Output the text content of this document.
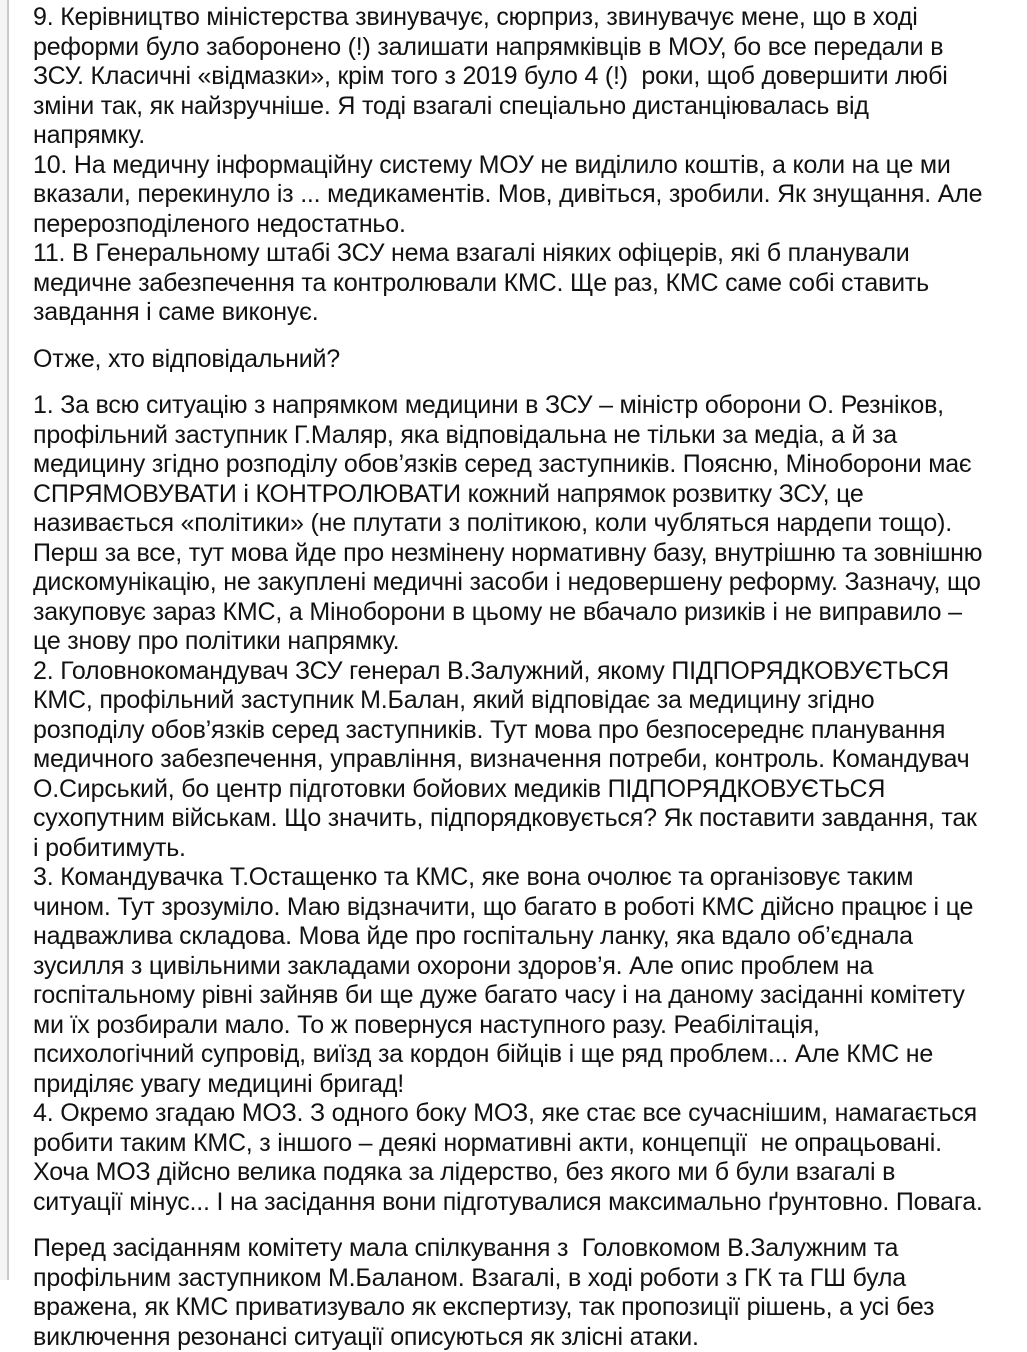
9. Керівництво міністерства звинувачує, сюрприз, звинувачує мене, що в ході реформи було заборонено (!) залишати напрямківців в МОУ, бо все передали в ЗСУ. Класичні «відмазки», крім того з 2019 було 4 (!)  роки, щоб довершити любі зміни так, як найзручніше. Я тоді взагалі спеціально дистанціювалась від напрямку.

10. На медичну інформаційну систему МОУ не виділило коштів, а коли на це ми вказали, перекинуло із ... медикаментів. Мов, дивіться, зробили. Як знущання. Але перерозподіленого недостатньо.

11. В Генеральному штабі ЗСУ нема взагалі ніяких офіцерів, які б планували медичне забезпечення та контролювали КМС. Ще раз, КМС саме собі ставить завдання і саме виконує.

Отже, хто відповідальний?

1. За всю ситуацію з напрямком медицини в ЗСУ – міністр оборони О. Резніков, профільний заступник Г.Маляр, яка відповідальна не тільки за медіа, а й за медицину згідно розподілу обов’язків серед заступників. Поясню, Міноборони має СПРЯМОВУВАТИ і КОНТРОЛЮВАТИ кожний напрямок розвитку ЗСУ, це називається «політики» (не плутати з політикою, коли чубляться нардепи тощо). Перш за все, тут мова йде про незмінену нормативну базу, внутрішню та зовнішню дискомунікацію, не закуплені медичні засоби і недовершену реформу. Зазначу, що закуповує зараз КМС, а Міноборони в цьому не вбачало ризиків і не виправило – це знову про політики напрямку.

2. Головнокомандувач ЗСУ генерал В.Залужний, якому ПІДПОРЯДКОВУЄТЬСЯ КМС, профільний заступник М.Балан, який відповідає за медицину згідно розподілу обов’язків серед заступників. Тут мова про безпосереднє планування медичного забезпечення, управління, визначення потреби, контроль. Командувач О.Сирський, бо центр підготовки бойових медиків ПІДПОРЯДКОВУЄТЬСЯ сухопутним військам. Що значить, підпорядковується? Як поставити завдання, так і робитимуть.

3. Командувачка Т.Остащенко та КМС, яке вона очолює та організовує таким чином. Тут зрозуміло. Маю відзначити, що багато в роботі КМС дійсно працює і це надважлива складова. Мова йде про госпітальну ланку, яка вдало об’єднала зусилля з цивільними закладами охорони здоров’я. Але опис проблем на госпітальному рівні зайняв би ще дуже багато часу і на даному засіданні комітету ми їх розбирали мало. То ж повернуся наступного разу. Реабілітація, психологічний супровід, виїзд за кордон бійців і ще ряд проблем... Але КМС не приділяє увагу медицині бригад!

4. Окремо згадаю МОЗ. З одного боку МОЗ, яке стає все сучаснішим, намагається робити таким КМС, з іншого – деякі нормативні акти, концепції  не опрацьовані. Хоча МОЗ дійсно велика подяка за лідерство, без якого ми б були взагалі в ситуації мінус... І на засідання вони підготувалися максимально ґрунтовно. Повага.

Перед засіданням комітету мала спілкування з  Головкомом В.Залужним та профільним заступником М.Баланом. Взагалі, в ході роботи з ГК та ГШ була вражена, як КМС приватизувало як експертизу, так пропозиції рішень, а усі без виключення резонансі ситуації описуються як злісні атаки.
